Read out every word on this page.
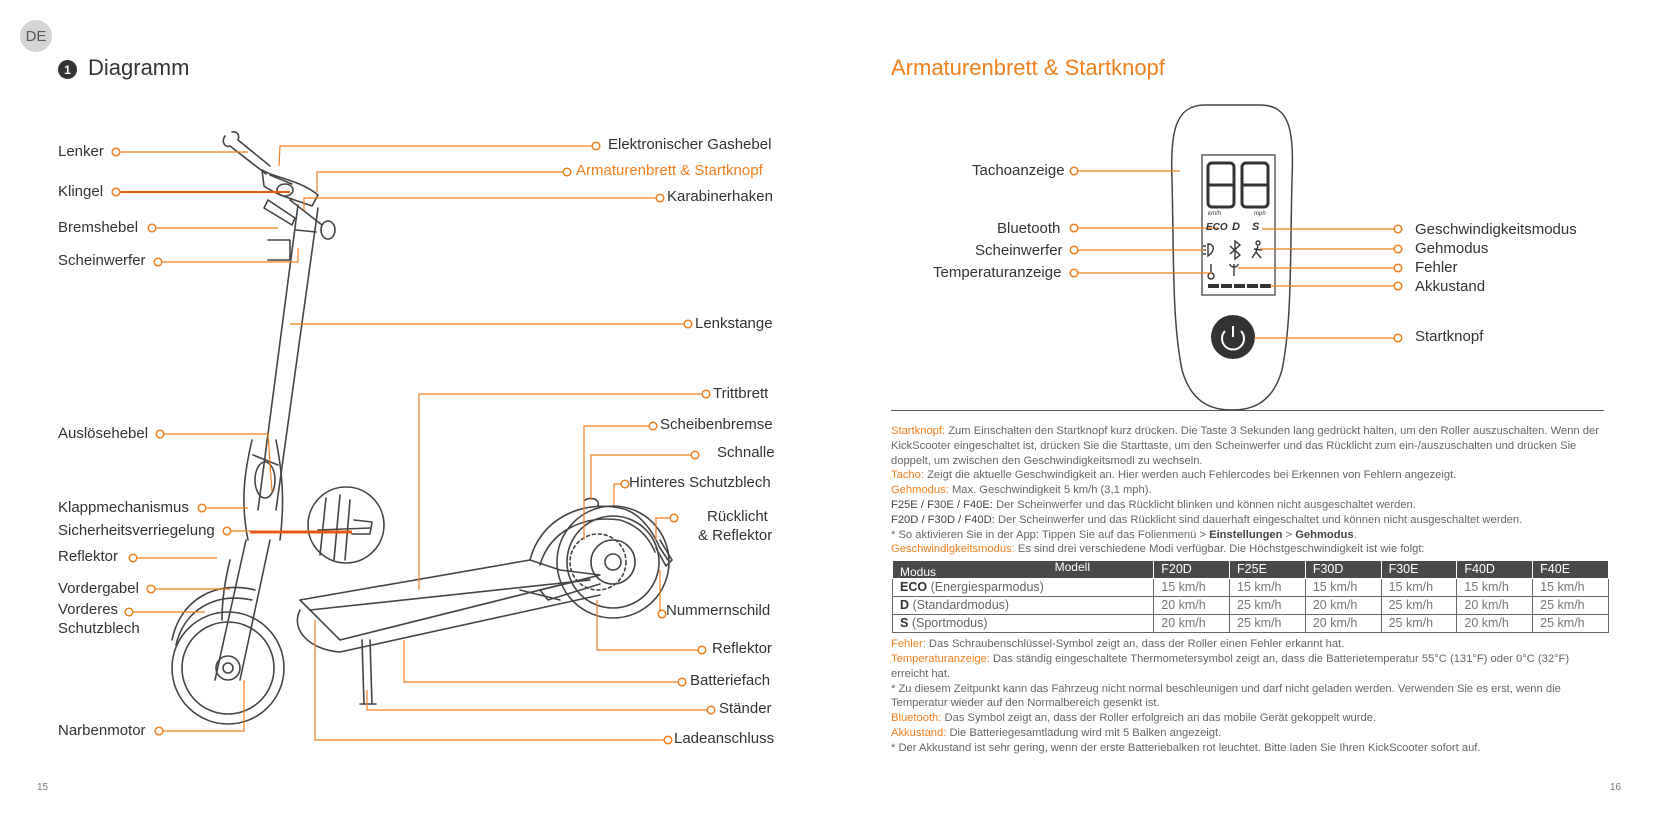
DE
1 Diagramm	Armaturenbrett & Startknopf
km/h	mph
ECO D S
Lenker
Klingel
Bremshebel
Scheinwerfer
Auslösehebel
Klappmechanismus
Sicherheitsverriegelung
Reflektor
Vordergabel
Vorderes
Schutzblech
Narbenmotor
Elektronischer Gashebel
Armaturenbrett & Startknopf
Karabinerhaken
Lenkstange
Trittbrett
Scheibenbremse
Schnalle
Hinteres Schutzblech
Rücklicht
& Reflektor
Nummernschild
Reflektor
Batteriefach
Ständer
Ladeanschluss
Tachoanzeige
Bluetooth
Scheinwerfer
Temperaturanzeige
Geschwindigkeitsmodus
Gehmodus
Fehler
Akkustand
Startknopf

Startknopf: Zum Einschalten den Startknopf kurz drücken. Die Taste 3 Sekunden lang gedrückt halten, um den Roller auszuschalten. Wenn der KickScooter eingeschaltet ist, drücken Sie die Starttaste, um den Scheinwerfer und das Rücklicht zum ein-/auszuschalten und drücken Sie doppelt, um zwischen den Geschwindigkeitsmodi zu wechseln.

Tacho: Zeigt die aktuelle Geschwindigkeit an. Hier werden auch Fehlercodes bei Erkennen von Fehlern angezeigt.

Gehmodus: Max. Geschwindigkeit 5 km/h (3,1 mph).

F25E / F30E / F40E: Der Scheinwerfer und das Rücklicht blinken und können nicht ausgeschaltet werden.

F20D / F30D / F40D: Der Scheinwerfer und das Rücklicht sind dauerhaft eingeschaltet und können nicht ausgeschaltet werden.

* So aktivieren Sie in der App: Tippen Sie auf das Folienmenü > Einstellungen > Gehmodus.

Geschwindigkeitsmodus: Es sind drei verschiedene Modi verfügbar. Die Höchstgeschwindigkeit ist wie folgt:

Modus Modell	F20D	F25E	F30D	F30E	F40D	F40E
ECO (Energiesparmodus)	15 km/h	15 km/h	15 km/h	15 km/h	15 km/h	15 km/h
D (Standardmodus)	20 km/h	25 km/h	20 km/h	25 km/h	20 km/h	25 km/h
S (Sportmodus)	20 km/h	25 km/h	20 km/h	25 km/h	20 km/h	25 km/h

Fehler: Das Schraubenschlüssel-Symbol zeigt an, dass der Roller einen Fehler erkannt hat.

Temperaturanzeige: Das ständig eingeschaltete Thermometersymbol zeigt an, dass die Batterietemperatur 55°C (131°F) oder 0°C (32°F) erreicht hat.

* Zu diesem Zeitpunkt kann das Fahrzeug nicht normal beschleunigen und darf nicht geladen werden. Verwenden Sie es erst, wenn die Temperatur wieder auf den Normalbereich gesenkt ist.

Bluetooth: Das Symbol zeigt an, dass der Roller erfolgreich an das mobile Gerät gekoppelt wurde.

Akkustand: Die Batteriegesamtladung wird mit 5 Balken angezeigt.

* Der Akkustand ist sehr gering, wenn der erste Batteriebalken rot leuchtet. Bitte laden Sie Ihren KickScooter sofort auf.

15	16
